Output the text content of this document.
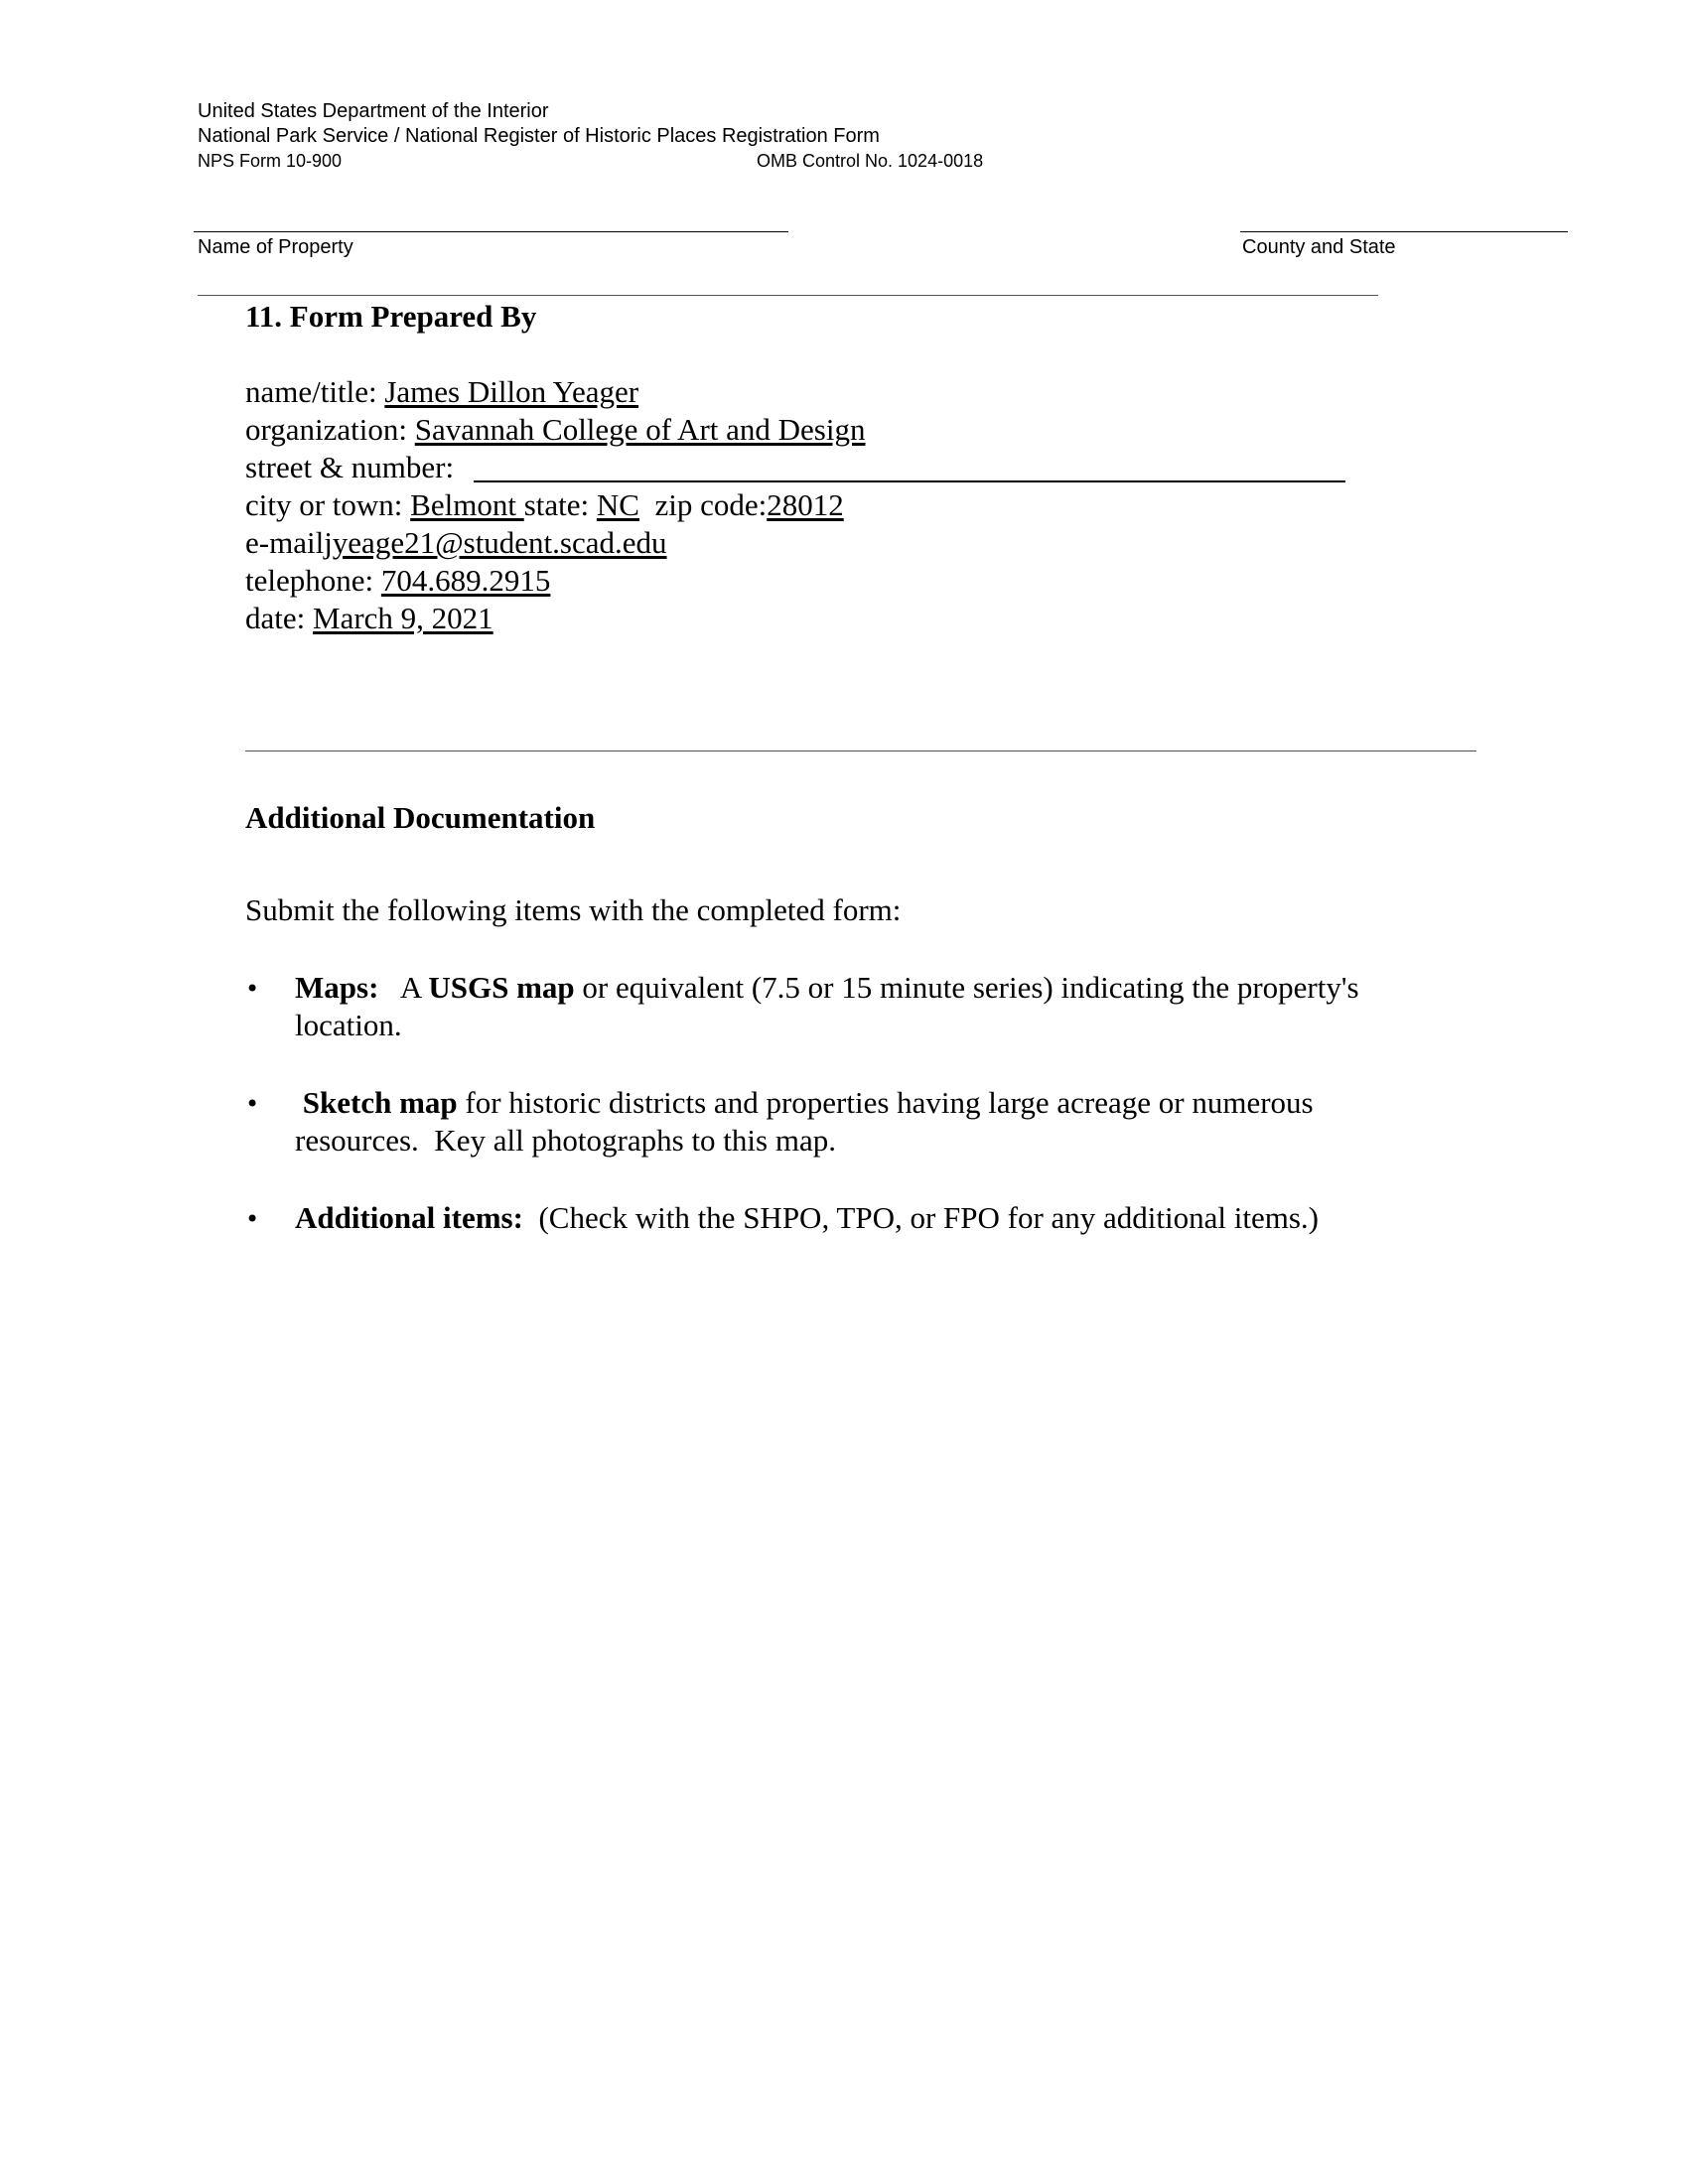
United States Department of the Interior
National Park Service / National Register of Historic Places Registration Form
NPS Form 10-900	OMB Control No. 1024-0018
Name of Property	County and State
11. Form Prepared By
name/title: James Dillon Yeager
organization: Savannah College of Art and Design
street & number:
city or town: Belmont state: NC  zip code:28012
e-mailjyeage21@student.scad.edu
telephone: 704.689.2915
date: March 9, 2021
Additional Documentation
Submit the following items with the completed form:
• Maps:   A USGS map or equivalent (7.5 or 15 minute series) indicating the property's
location.
• Sketch map for historic districts and properties having large acreage or numerous
resources.  Key all photographs to this map.
• Additional items:  (Check with the SHPO, TPO, or FPO for any additional items.)
